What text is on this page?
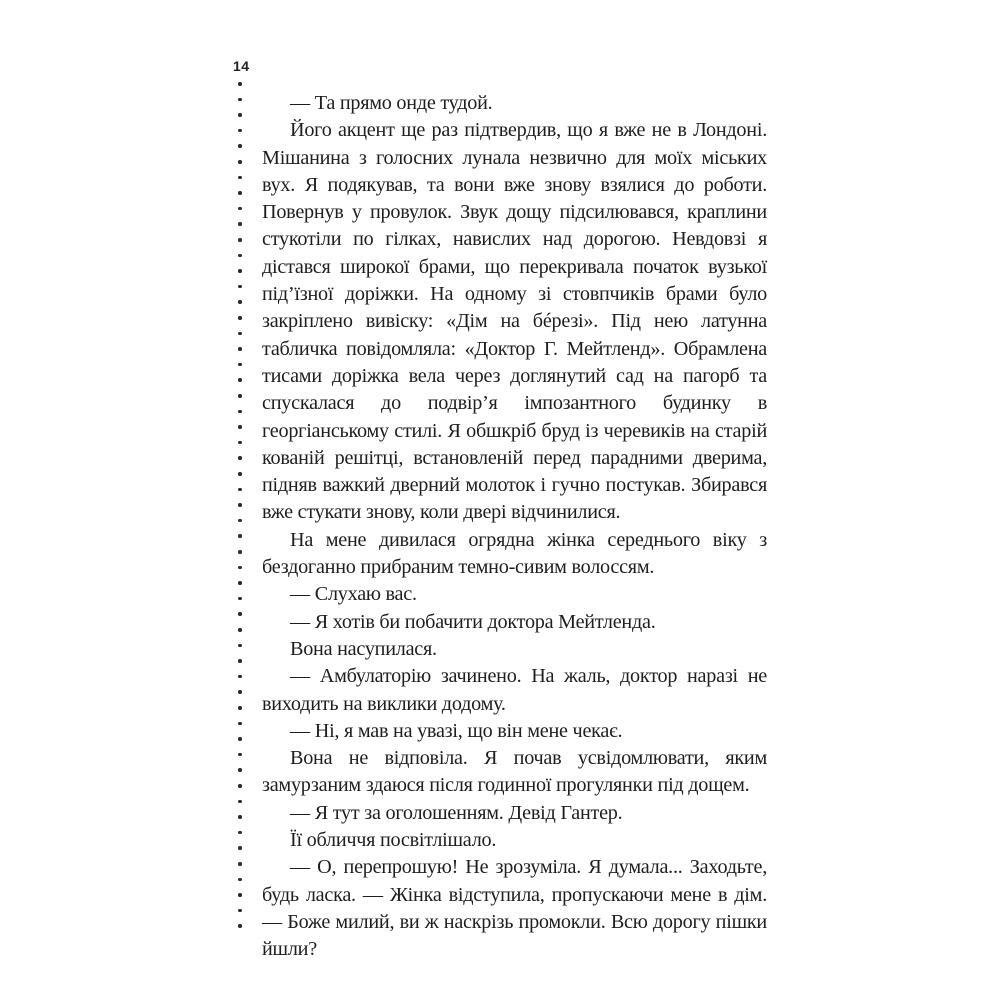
14

— Та прямо онде тудой.

Його акцент ще раз підтвердив, що я вже не в Лондоні. Мішанина з голосних лунала незвично для моїх міських вух. Я подякував, та вони вже знову взялися до роботи. Повернув у провулок. Звук дощу підсилювався, краплини стукотіли по гілках, навислих над дорогою. Невдовзі я дістався широкої брами, що перекривала початок вузької під’їзної доріжки. На одному зі стовпчиків брами було закріплено вивіску: «Дім на бéрезі». Під нею латунна табличка повідомляла: «Доктор Г. Мейтленд». Обрамлена тисами доріжка вела через доглянутий сад на пагорб та спускалася до подвір’я імпозантного будинку в георгіанському стилі. Я обшкріб бруд із черевиків на старій кованій решітці, встановленій перед парадними дверима, підняв важкий дверний молоток і гучно постукав. Збирався вже стукати знову, коли двері відчинилися.

На мене дивилася огрядна жінка середнього віку з бездоганно прибраним темно-сивим волоссям.

— Слухаю вас.

— Я хотів би побачити доктора Мейтленда.

Вона насупилася.

— Амбулаторію зачинено. На жаль, доктор наразі не виходить на виклики додому.

— Ні, я мав на увазі, що він мене чекає.

Вона не відповіла. Я почав усвідомлювати, яким замурзаним здаюся після годинної прогулянки під дощем.

— Я тут за оголошенням. Девід Гантер.

Її обличчя посвітлішало.

— О, перепрошую! Не зрозуміла. Я думала... Заходьте, будь ласка. — Жінка відступила, пропускаючи мене в дім. — Боже милий, ви ж наскрізь промокли. Всю дорогу пішки йшли?
